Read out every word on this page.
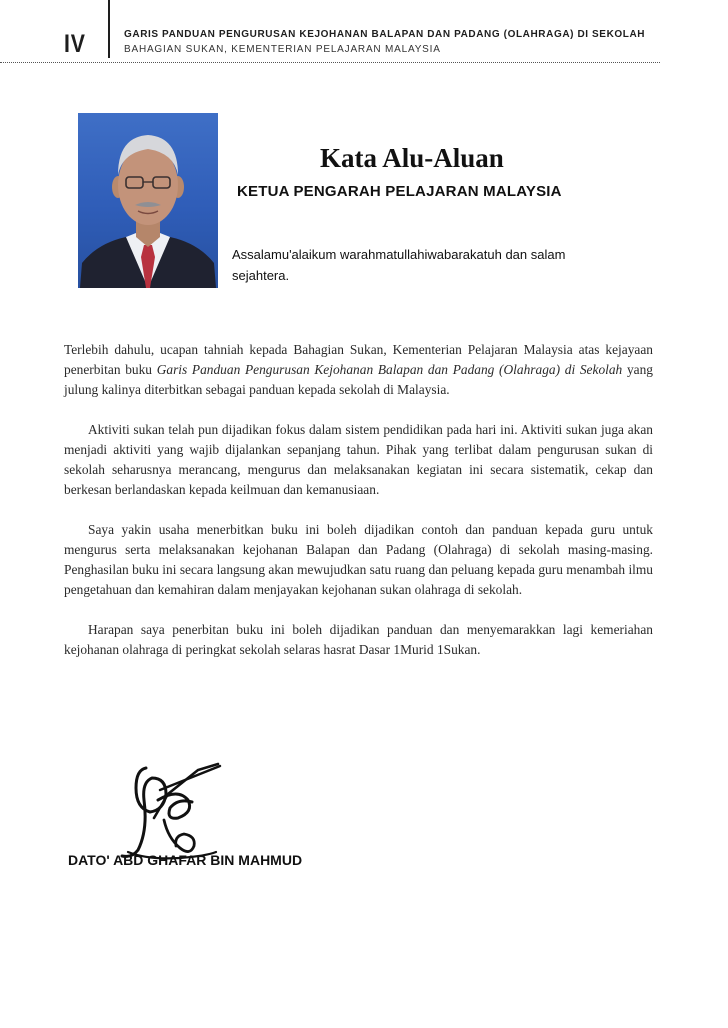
IV	GARIS PANDUAN PENGURUSAN KEJOHANAN BALAPAN DAN PADANG (OLAHRAGA) DI SEKOLAH
BAHAGIAN SUKAN, KEMENTERIAN PELAJARAN MALAYSIA
Kata Alu-Aluan
KETUA PENGARAH PELAJARAN MALAYSIA
Assalamu'alaikum warahmatullahiwabarakatuh dan salam sejahtera.

Terlebih dahulu, ucapan tahniah kepada Bahagian Sukan, Kementerian Pelajaran Malaysia atas kejayaan penerbitan buku Garis Panduan Pengurusan Kejohanan Balapan dan Padang (Olahraga) di Sekolah yang julung kalinya diterbitkan sebagai panduan kepada sekolah di Malaysia.

Aktiviti sukan telah pun dijadikan fokus dalam sistem pendidikan pada hari ini. Aktiviti sukan juga akan menjadi aktiviti yang wajib dijalankan sepanjang tahun. Pihak yang terlibat dalam pengurusan sukan di sekolah seharusnya merancang, mengurus dan melaksanakan kegiatan ini secara sistematik, cekap dan berkesan berlandaskan kepada keilmuan dan kemanusiaan.

Saya yakin usaha menerbitkan buku ini boleh dijadikan contoh dan panduan kepada guru untuk mengurus serta melaksanakan kejohanan Balapan dan Padang (Olahraga) di sekolah masing-masing. Penghasilan buku ini secara langsung akan mewujudkan satu ruang dan peluang kepada guru menambah ilmu pengetahuan dan kemahiran dalam menjayakan kejohanan sukan olahraga di sekolah.

Harapan saya penerbitan buku ini boleh dijadikan panduan dan menyemarakkan lagi kemeriahan kejohanan olahraga di peringkat sekolah selaras hasrat Dasar 1Murid 1Sukan.

DATO' ABD GHAFAR BIN MAHMUD
